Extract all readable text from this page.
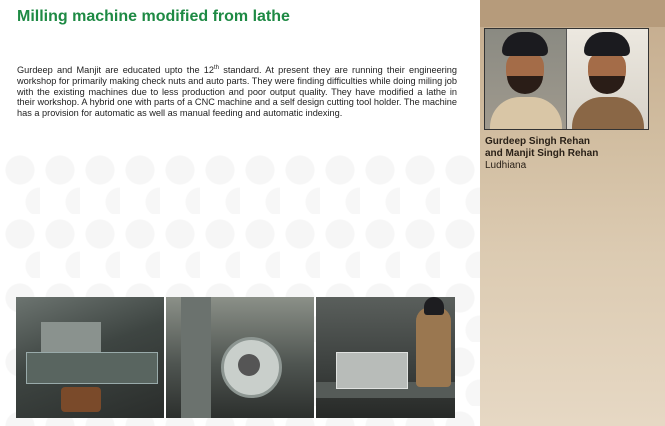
Milling machine modified from lathe
Gurdeep and Manjit are educated upto the 12th standard. At present they are running their engineering workshop for primarily making check nuts and auto parts. They were finding difficulties while doing miling job with the existing machines due to less production and poor output quality. They have modified a lathe in their workshop. A hybrid one with parts of a CNC machine and a self design cutting tool holder. The machine has a provision for automatic as well as manual feeding and automatic indexing.
Gurdeep Singh Rehan
and Manjit Singh Rehan
Ludhiana
